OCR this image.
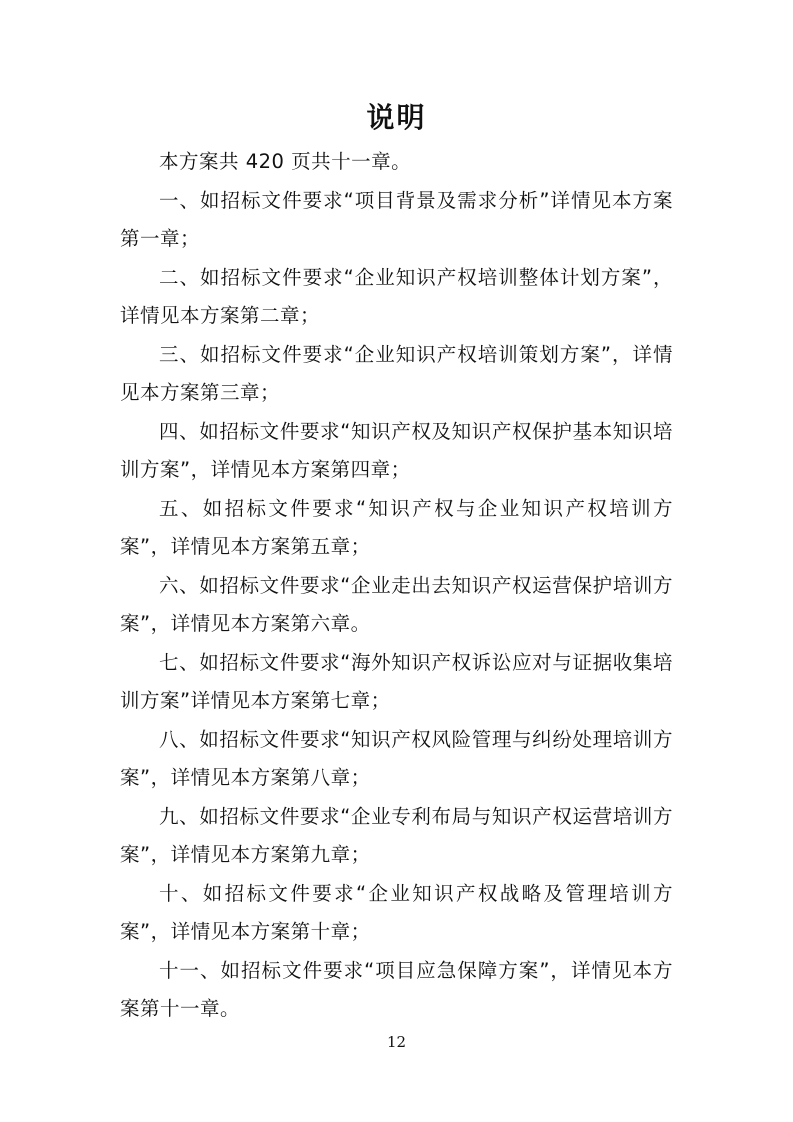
说明

本方案共 420 页共十一章。

一、如招标文件要求“项目背景及需求分析”详情见本方案第一章；

二、如招标文件要求“企业知识产权培训整体计划方案”，详情见本方案第二章；

三、如招标文件要求“企业知识产权培训策划方案”，详情见本方案第三章；

四、如招标文件要求“知识产权及知识产权保护基本知识培训方案”，详情见本方案第四章；

五、如招标文件要求“知识产权与企业知识产权培训方案”，详情见本方案第五章；

六、如招标文件要求“企业走出去知识产权运营保护培训方案”，详情见本方案第六章。

七、如招标文件要求“海外知识产权诉讼应对与证据收集培训方案”详情见本方案第七章；

八、如招标文件要求“知识产权风险管理与纠纷处理培训方案”，详情见本方案第八章；

九、如招标文件要求“企业专利布局与知识产权运营培训方案”，详情见本方案第九章；

十、如招标文件要求“企业知识产权战略及管理培训方案”，详情见本方案第十章；

十一、如招标文件要求“项目应急保障方案”，详情见本方案第十一章。

12
